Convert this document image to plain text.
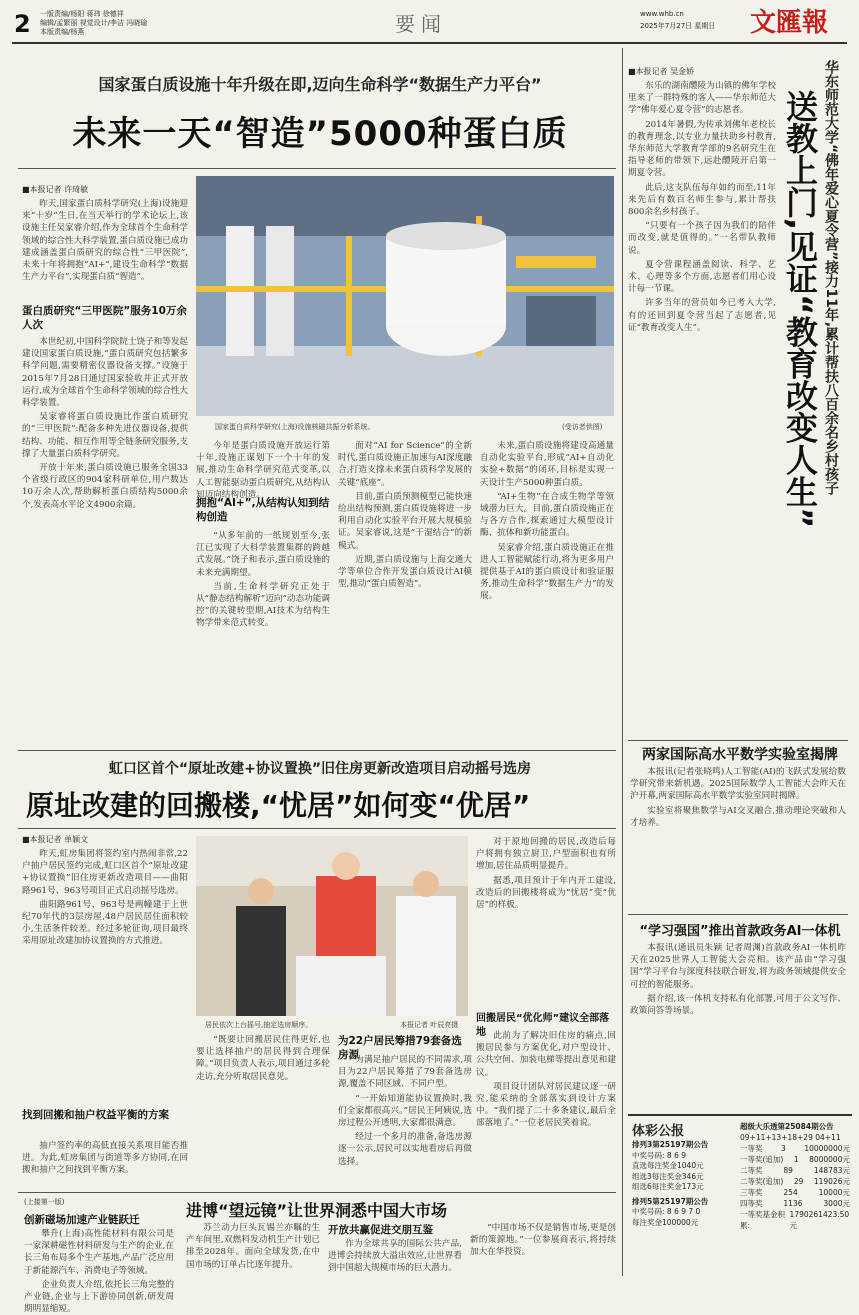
2 一版责编/杨阳 蒋玮 徐德祥
编辑/孟繁丽 视觉设计/李洁 冯晓瑜
本版责编/杨燕	要闻	www.whb.cn
2025年7月27日 星期日 文匯報
国家蛋白质设施十年升级在即,迈向生命科学“数据生产力平台”
未来一天“智造”5000种蛋白质
■本报记者 许琦敏

昨天,国家蛋白质科学研究(上海)设施迎来“十岁”生日,在当天举行的学术论坛上,该设施主任吴家睿介绍,作为全球首个生命科学领域的综合性大科学装置,蛋白质设施已成功建成涵盖蛋白质研究的综合性“三甲医院”,未来十年将拥抱“AI+”,建设生命科学“数据生产力平台”,实现蛋白质“智造”。

蛋白质研究“三甲医院”服务10万余人次

本世纪初,中国科学院院士饶子和等发起建设国家蛋白质设施,“蛋白质研究包括繁多科学问题,需要精密仪器设备支撑。”设施于2015年7月28日通过国家验收并正式开放运行,成为全球首个生命科学领域的综合性大科学装置。

吴家睿将蛋白质设施比作蛋白质研究的“三甲医院”:配备多种先进仪器设备,提供结构、功能、相互作用等全链条研究服务,支撑了大量蛋白质科学研究。

开放十年来,蛋白质设施已服务全国33个省级行政区的904家科研单位,用户数达10万余人次,帮助解析蛋白质结构5000余个,发表高水平论文4900余篇。

国家蛋白质科学研究(上海)设施核磁共振分析系统。	(受访者供图)

今年是蛋白质设施开放运行第十年,设施正谋划下一个十年的发展,推动生命科学研究范式变革,以人工智能驱动蛋白质研究,从结构认知迈向结构创造。

拥抱“AI+”,从结构认知到结构创造

“从多年前的一纸规划至今,张江已实现了大科学装置集群的跨越式发展。”饶子和表示,蛋白质设施的未来充满期望。

当前,生命科学研究正处于从“静态结构解析”迈向“动态功能调控”的关键转型期,AI技术为结构生物学带来范式转变。

面对“AI for Science”的全新时代,蛋白质设施正加速与AI深度融合,打造支撑未来蛋白质科学发展的关键“底座”。

目前,蛋白质预测模型已能快速给出结构预测,蛋白质设施将进一步利用自动化实验平台开展大规模验证。吴家睿说,这是“干湿结合”的新模式。

近期,蛋白质设施与上海交通大学等单位合作开发蛋白质设计AI模型,推动“蛋白质智造”。

未来,蛋白质设施将建设高通量自动化实验平台,形成“AI+自动化实验+数据”的闭环,目标是实现一天设计生产5000种蛋白质。

“AI+生物”在合成生物学等领域潜力巨大。目前,蛋白质设施正在与各方合作,探索通过大模型设计酶、抗体和新功能蛋白。

吴家睿介绍,蛋白质设施正在推进人工智能赋能行动,将为更多用户提供基于AI的蛋白质设计和验证服务,推动生命科学“数据生产力”的发展。

虹口区首个“原址改建+协议置换”旧住房更新改造项目启动摇号选房
原址改建的回搬楼,“忧居”如何变“优居”
■本报记者 单颖文

昨天,虹房集团将签约室内热闹非常,22户抽户居民签约完成,虹口区首个“原址改建+协议置换”旧住房更新改造项目——曲阳路961号、963号项目正式启动摇号选房。

曲阳路961号、963号是两幢建于上世纪70年代的3层房屋,48户居民居住面积较小,生活条件较差。经过多轮征询,项目最终采用原址改建加协议置换的方式推进。

找到回搬和抽户权益平衡的方案

抽户签约率的高低直接关系项目能否推进。为此,虹房集团与街道等多方协同,在回搬和抽户之间找到平衡方案。

居民依次上台摇号,抽定选房顺序。	本报记者 叶辰亮摄

“既要让回搬居民住得更好,也要让选择抽户的居民得到合理保障。”项目负责人表示,项目通过多轮走访,充分听取居民意见。

为22户居民筹措79套备选房源

为满足抽户居民的不同需求,项目为22户居民筹措了79套备选房源,覆盖不同区域、不同户型。

“一开始知道能协议置换时,我们全家都很高兴。”居民王阿姨说,选房过程公开透明,大家都很满意。

经过一个多月的准备,备选房源逐一公示,居民可以实地看房后再做选择。

对于原地回搬的居民,改造后每户将拥有独立厨卫,户型面积也有所增加,居住品质明显提升。

据悉,项目预计于年内开工建设,改造后的回搬楼将成为“忧居”变“优居”的样板。

回搬居民“优化师”建议全部落地 此前为了解决旧住房的痛点,回搬居民参与方案优化,对户型设计、公共空间、加装电梯等提出意见和建议。

项目设计团队对居民建议逐一研究,能采纳的全部落实到设计方案中。“我们提了二十多条建议,最后全部落地了。”一位老居民笑着说。

(上接第一版)
创新磁场加速产业链跃迁

攀升(上海)高性能材料有限公司是一家深耕磁性材料研发与生产的企业,在长三角布局多个生产基地,产品广泛应用于新能源汽车、消费电子等领域。

企业负责人介绍,依托长三角完整的产业链,企业与上下游协同创新,研发周期明显缩短。

进博“望远镜”让世界洞悉中国大市场

苏兰动力巨头瓦锡兰亦瞩的生产车间里,双燃料发动机生产计划已排至2028年。面向全球发货,在中国市场的订单占比逐年提升。

开放共赢促进交朋互鉴

作为全球共享的国际公共产品,进博会持续放大溢出效应,让世界看到中国超大规模市场的巨大潜力。

“中国市场不仅是销售市场,更是创新的策源地。”一位参展商表示,将持续加大在华投资。

■本报记者 吴金娇

东乐的湖南醴陵为山镇的佛年学校里来了一群特殊的客人——华东师范大学“佛年爱心夏令营”的志愿者。

2014年暑假,为传承刘佛年老校长的教育理念,以专业力量扶助乡村教育,华东师范大学教育学部的9名研究生在指导老师的带领下,远赴醴陵开启第一期夏令营。

此后,这支队伍每年如约而至,11年来先后有数百名师生参与,累计帮扶800余名乡村孩子。

“只要有一个孩子因为我们的陪伴而改变,就是值得的。”一名带队教师说。

夏令营课程涵盖阅读、科学、艺术、心理等多个方面,志愿者们用心设计每一节课。

许多当年的营员如今已考入大学,有的还回到夏令营当起了志愿者,见证“教育改变人生”。	华东师范大学“佛年爱心夏令营”接力11年,累计帮扶八百余名乡村孩子
送教上门,见证“教育改变人生”
两家国际高水平数学实验室揭牌

本报讯(记者张晓鸣)人工智能(AI)的飞跃式发展给数学研究带来新机遇。2025国际数学人工智能大会昨天在沪开幕,两家国际高水平数学实验室同时揭牌。

实验室将聚焦数学与AI交叉融合,推动理论突破和人才培养。

“学习强国”推出首款政务AI一体机

本报讯(通讯员朱颖 记者周渊)首款政务AI一体机昨天在2025世界人工智能大会亮相。该产品由“学习强国”学习平台与深度科技联合研发,将为政务领域提供安全可控的智能服务。

据介绍,该一体机支持私有化部署,可用于公文写作、政策问答等场景。

体彩公报
排列3第25197期公告
中奖号码: 8 6 9
直选每注奖金1040元
组选3每注奖金346元
组选6每注奖金173元
排列5第25197期公告
中奖号码: 8 6 9 7 0
每注奖金100000元
超级大乐透第25084期公告
09+11+13+18+29 04+11
一等奖 3 10000000元
一等奖(追加) 1 8000000元
二等奖	89	148783元
二等奖(追加) 29 119026元
三等奖	254	10000元
四等奖	1136	3000元
一等奖基金积累:
1790261423.50元
